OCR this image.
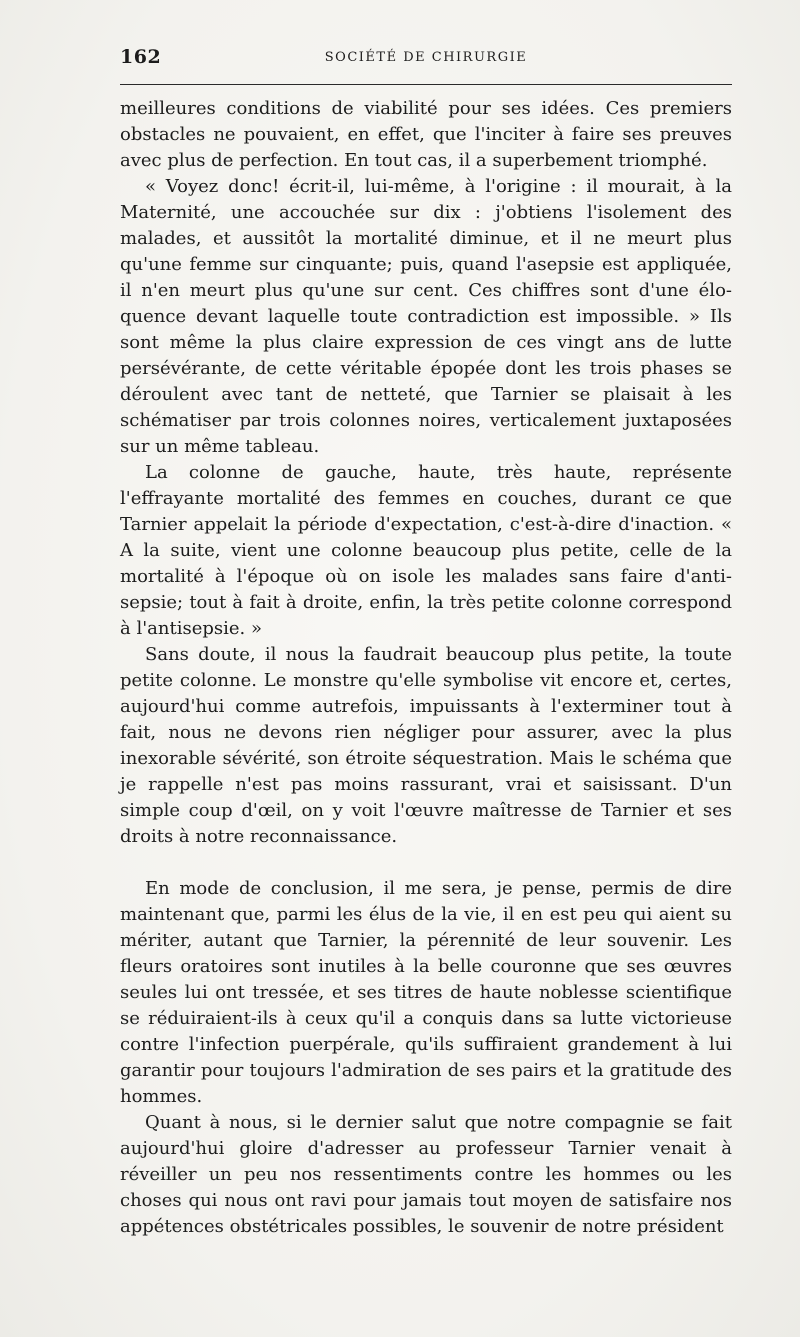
162	SOCIÉTÉ DE CHIRURGIE

meilleures conditions de viabilité pour ses idées. Ces premiers obstacles ne pouvaient, en effet, que l'inciter à faire ses preuves avec plus de perfection. En tout cas, il a superbement triomphé.

« Voyez donc! écrit-il, lui-même, à l'origine : il mourait, à la Maternité, une accouchée sur dix : j'obtiens l'isolement des malades, et aussitôt la mortalité diminue, et il ne meurt plus qu'une femme sur cinquante; puis, quand l'asepsie est appliquée, il n'en meurt plus qu'une sur cent. Ces chiffres sont d'une éloquence devant laquelle toute contradiction est impossible. » Ils sont même la plus claire expression de ces vingt ans de lutte persévérante, de cette véritable épopée dont les trois phases se déroulent avec tant de netteté, que Tarnier se plaisait à les schématiser par trois colonnes noires, verticalement juxtaposées sur un même tableau.

La colonne de gauche, haute, très haute, représente l'effrayante mortalité des femmes en couches, durant ce que Tarnier appelait la période d'expectation, c'est-à-dire d'inaction. « A la suite, vient une colonne beaucoup plus petite, celle de la mortalité à l'époque où on isole les malades sans faire d'antisepsie; tout à fait à droite, enfin, la très petite colonne correspond à l'antisepsie. »

Sans doute, il nous la faudrait beaucoup plus petite, la toute petite colonne. Le monstre qu'elle symbolise vit encore et, certes, aujourd'hui comme autrefois, impuissants à l'exterminer tout à fait, nous ne devons rien négliger pour assurer, avec la plus inexorable sévérité, son étroite séquestration. Mais le schéma que je rappelle n'est pas moins rassurant, vrai et saisissant. D'un simple coup d'œil, on y voit l'œuvre maîtresse de Tarnier et ses droits à notre reconnaissance.

En mode de conclusion, il me sera, je pense, permis de dire maintenant que, parmi les élus de la vie, il en est peu qui aient su mériter, autant que Tarnier, la pérennité de leur souvenir. Les fleurs oratoires sont inutiles à la belle couronne que ses œuvres seules lui ont tressée, et ses titres de haute noblesse scientifique se réduiraient-ils à ceux qu'il a conquis dans sa lutte victorieuse contre l'infection puerpérale, qu'ils suffiraient grandement à lui garantir pour toujours l'admiration de ses pairs et la gratitude des hommes.

Quant à nous, si le dernier salut que notre compagnie se fait aujourd'hui gloire d'adresser au professeur Tarnier venait à réveiller un peu nos ressentiments contre les hommes ou les choses qui nous ont ravi pour jamais tout moyen de satisfaire nos appétences obstétricales possibles, le souvenir de notre président
